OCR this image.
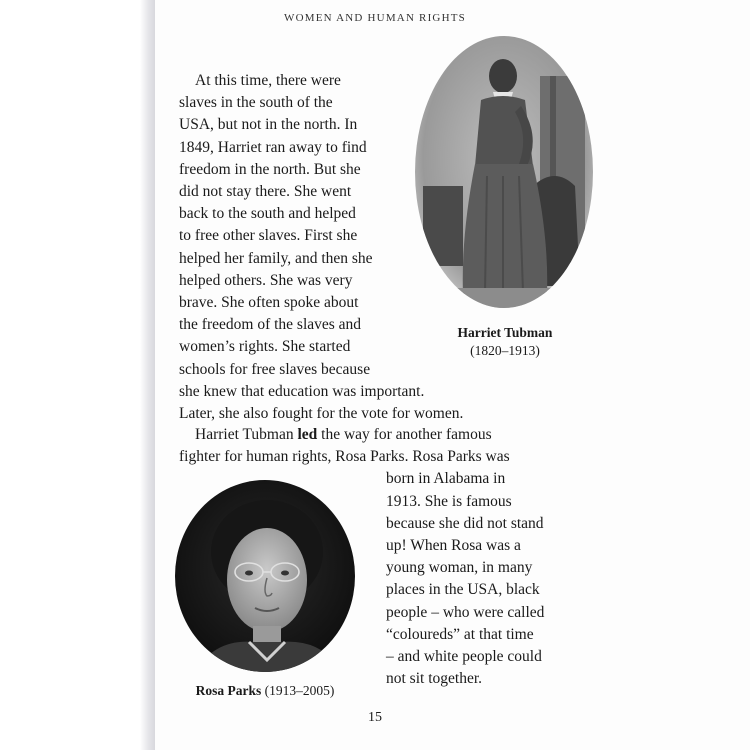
WOMEN AND HUMAN RIGHTS
At this time, there were
slaves in the south of the
USA, but not in the north. In
1849, Harriet ran away to find
freedom in the north. But she
did not stay there. She went
back to the south and helped
to free other slaves. First she
helped her family, and then she
helped others. She was very
brave. She often spoke about
the freedom of the slaves and
women’s rights. She started
schools for free slaves because
she knew that education was important.
Later, she also fought for the vote for women.
Harriet Tubman
(1820–1913)
Harriet Tubman led the way for another famous
fighter for human rights, Rosa Parks. Rosa Parks was
born in Alabama in
1913. She is famous
because she did not stand
up! When Rosa was a
young woman, in many
places in the USA, black
people – who were called
“coloureds” at that time
– and white people could
not sit together.
Rosa Parks (1913–2005)
15
